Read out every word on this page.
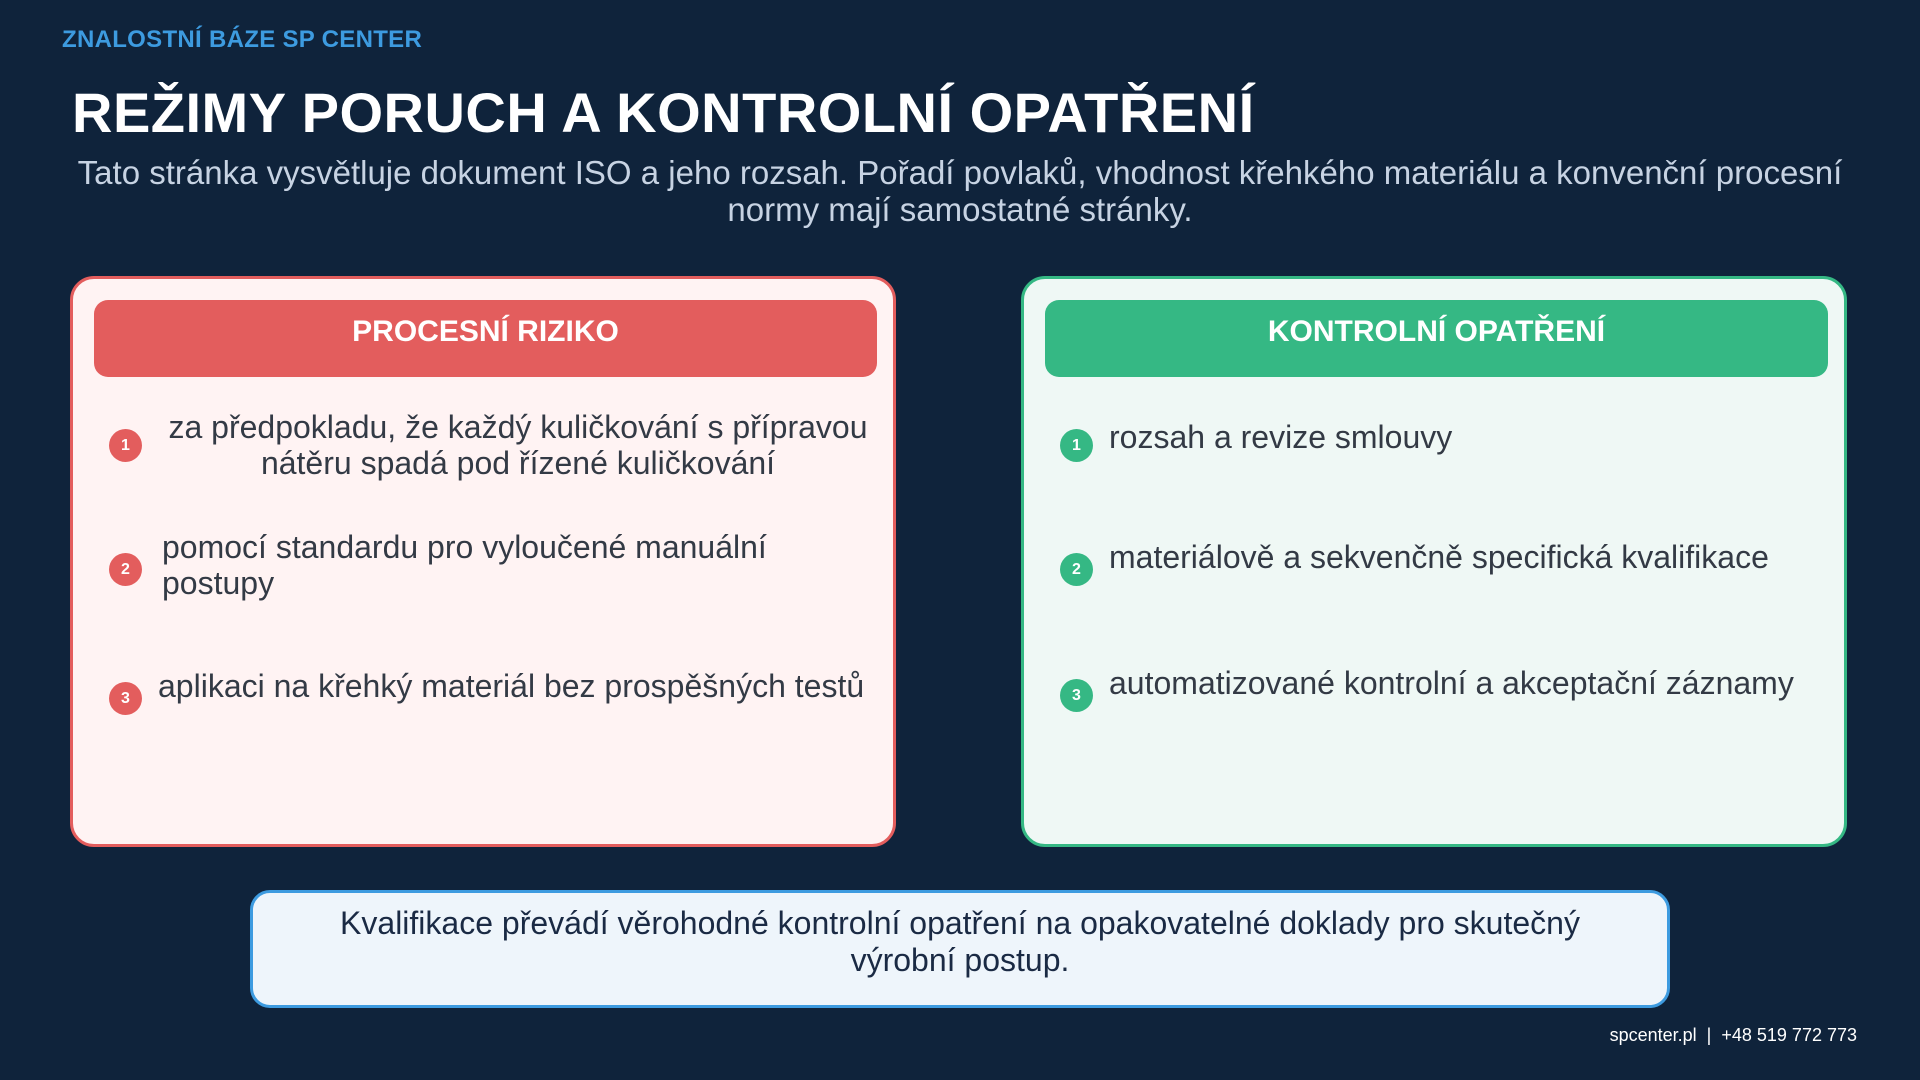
ZNALOSTNÍ BÁZE SP CENTER
REŽIMY PORUCH A KONTROLNÍ OPATŘENÍ
Tato stránka vysvětluje dokument ISO a jeho rozsah. Pořadí povlaků, vhodnost křehkého materiálu a konvenční procesní normy mají samostatné stránky.
PROCESNÍ RIZIKO
1
za předpokladu, že každý kuličkování s přípravou nátěru spadá pod řízené kuličkování
2
pomocí standardu pro vyloučené manuální postupy
3 aplikaci na křehký materiál bez prospěšných testů
KONTROLNÍ OPATŘENÍ
1 rozsah a revize smlouvy
2 materiálově a sekvenčně specifická kvalifikace
3 automatizované kontrolní a akceptační záznamy
Kvalifikace převádí věrohodné kontrolní opatření na opakovatelné doklady pro skutečný výrobní postup.
spcenter.pl  |  +48 519 772 773
